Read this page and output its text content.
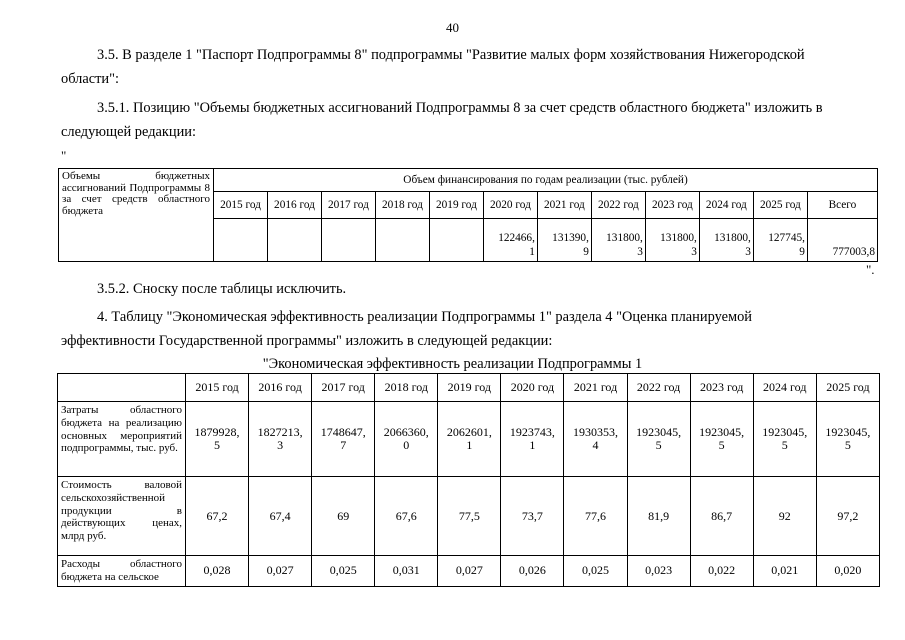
40
3.5. В разделе 1 "Паспорт Подпрограммы 8" подпрограммы "Развитие малых форм хозяйствования Нижегородской
области":
3.5.1. Позицию "Объемы бюджетных ассигнований Подпрограммы 8 за счет средств областного бюджета" изложить в
следующей редакции:
"
Объемы бюджетных ассигнований Подпрограммы 8 за счет средств областного бюджета	Объем финансирования по годам реализации (тыс. рублей)											
	2015 год	2016 год	2017 год	2018 год	2019 год	2020 год	2021 год	2022 год	2023 год	2024 год	2025 год	Всего
						122466,
1	131390,
9	131800,
3	131800,
3	131800,
3	127745,
9	777003,8
".
3.5.2. Сноску после таблицы исключить.
4. Таблицу "Экономическая эффективность реализации Подпрограммы 1" раздела 4 "Оценка планируемой
эффективности Государственной программы" изложить в следующей редакции:
"Экономическая эффективность реализации Подпрограммы 1
	2015 год	2016 год	2017 год	2018 год	2019 год	2020 год	2021 год	2022 год	2023 год	2024 год	2025 год
Затраты областного бюджета на реализацию основных мероприятий подпрограммы, тыс. руб.	1879928,
5	1827213,
3	1748647,
7	2066360,
0	2062601,
1	1923743,
1	1930353,
4	1923045,
5	1923045,
5	1923045,
5	1923045,
5
Стоимость валовой сельскохозяйственной продукции в действующих ценах, млрд руб.	67,2	67,4	69	67,6	77,5	73,7	77,6	81,9	86,7	92	97,2
Расходы областного бюджета на сельское	0,028	0,027	0,025	0,031	0,027	0,026	0,025	0,023	0,022	0,021	0,020
